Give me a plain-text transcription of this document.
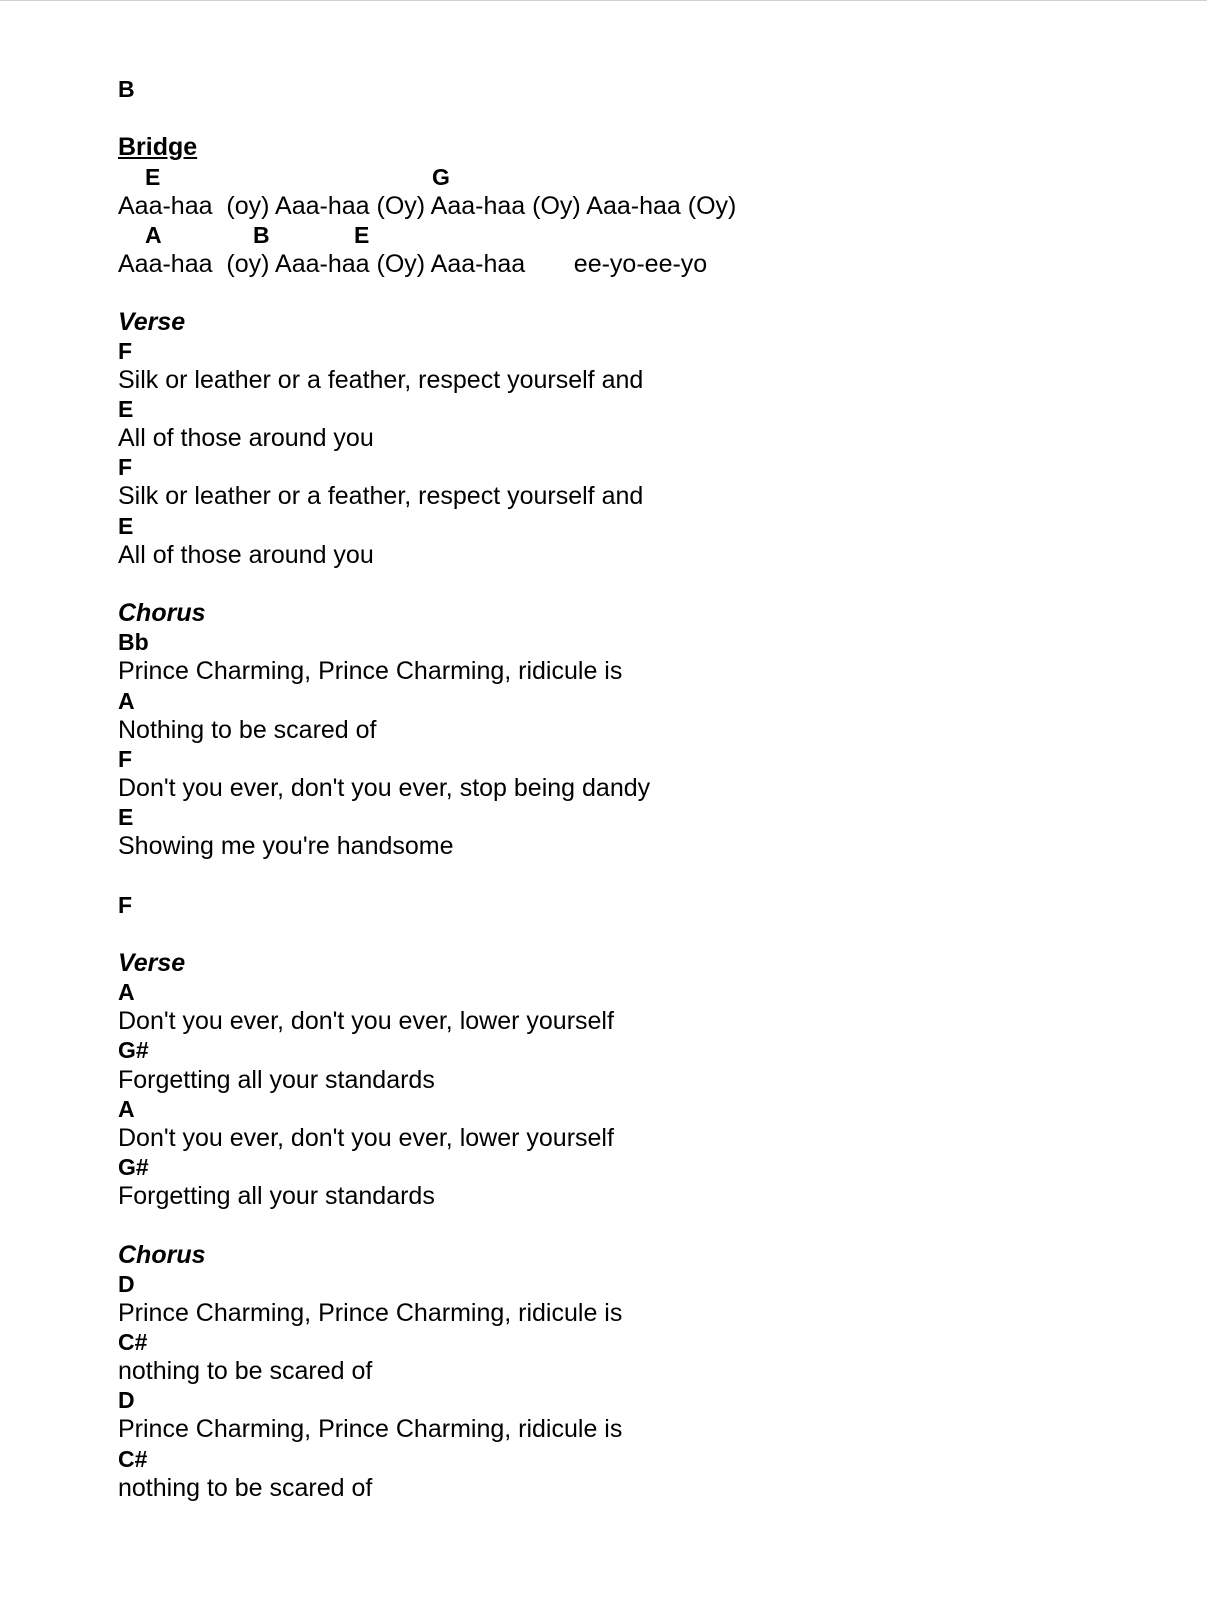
B
Bridge
E	G
Aaa-haa  (oy) Aaa-haa (Oy) Aaa-haa (Oy) Aaa-haa (Oy)
A	B	E
Aaa-haa  (oy) Aaa-haa (Oy) Aaa-haa       ee-yo-ee-yo
Verse
F
Silk or leather or a feather, respect yourself and
E
All of those around you
F
Silk or leather or a feather, respect yourself and
E
All of those around you
Chorus
Bb
Prince Charming, Prince Charming, ridicule is
A
Nothing to be scared of
F
Don't you ever, don't you ever, stop being dandy
E
Showing me you're handsome
F
Verse
A
Don't you ever, don't you ever, lower yourself
G#
Forgetting all your standards
A
Don't you ever, don't you ever, lower yourself
G#
Forgetting all your standards
Chorus
D
Prince Charming, Prince Charming, ridicule is
C#
nothing to be scared of
D
Prince Charming, Prince Charming, ridicule is
C#
nothing to be scared of
